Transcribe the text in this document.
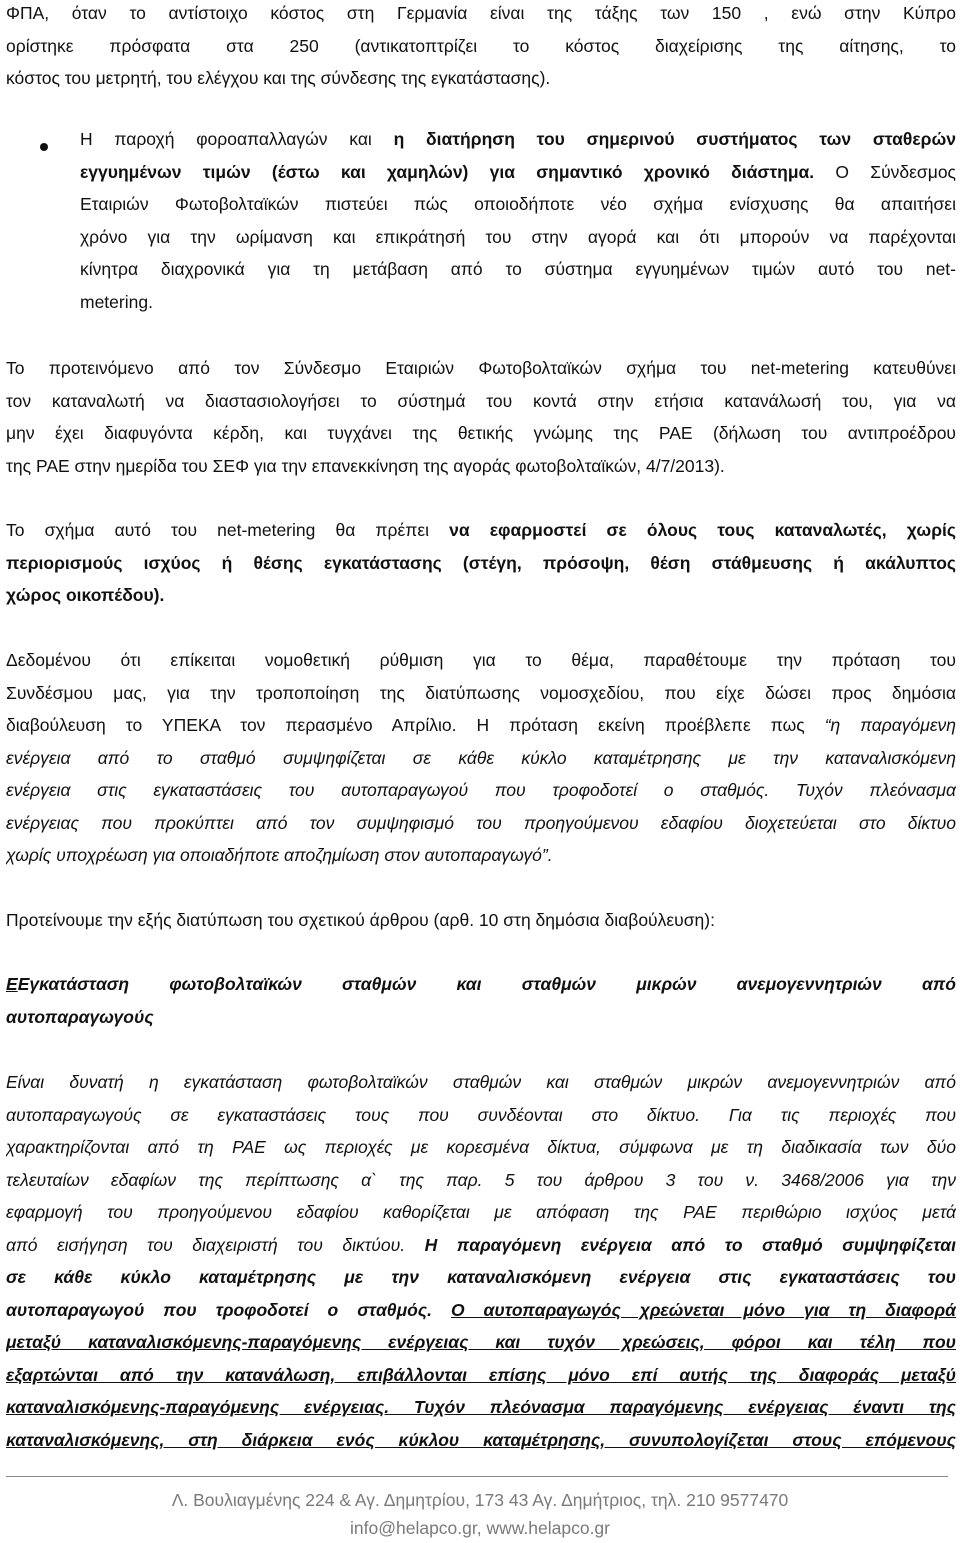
ΦΠΑ, όταν το αντίστοιχο κόστος στη Γερμανία είναι της τάξης των 150 , ενώ στην Κύπρο
ορίστηκε πρόσφατα στα 250 (αντικατοπτρίζει το κόστος διαχείρισης της αίτησης, το
κόστος του μετρητή, του ελέγχου και της σύνδεσης της εγκατάστασης).
Η παροχή φοροαπαλλαγών και η διατήρηση του σημερινού συστήματος των σταθερών
εγγυημένων τιμών (έστω και χαμηλών) για σημαντικό χρονικό διάστημα. Ο Σύνδεσμος
Εταιριών Φωτοβολταϊκών πιστεύει πώς οποιοδήποτε νέο σχήμα ενίσχυσης θα απαιτήσει
χρόνο για την ωρίμανση και επικράτησή του στην αγορά και ότι μπορούν να παρέχονται
κίνητρα διαχρονικά για τη μετάβαση από το σύστημα εγγυημένων τιμών αυτό του net-
metering.
Το προτεινόμενο από τον Σύνδεσμο Εταιριών Φωτοβολταϊκών σχήμα του net-metering κατευθύνει
τον καταναλωτή να διαστασιολογήσει το σύστημά του κοντά στην ετήσια κατανάλωσή του, για να
μην έχει διαφυγόντα κέρδη, και τυγχάνει της θετικής γνώμης της ΡΑΕ (δήλωση του αντιπροέδρου
της ΡΑΕ στην ημερίδα του ΣΕΦ για την επανεκκίνηση της αγοράς φωτοβολταϊκών, 4/7/2013).
Το σχήμα αυτό του net-metering θα πρέπει να εφαρμοστεί σε όλους τους καταναλωτές, χωρίς
περιορισμούς ισχύος ή θέσης εγκατάστασης (στέγη, πρόσοψη, θέση στάθμευσης ή ακάλυπτος
χώρος οικοπέδου).
Δεδομένου ότι επίκειται νομοθετική ρύθμιση για το θέμα, παραθέτουμε την πρόταση του
Συνδέσμου μας, για την τροποποίηση της διατύπωσης νομοσχεδίου, που είχε δώσει προς δημόσια
διαβούλευση το ΥΠΕΚΑ τον περασμένο Απρίλιο. Η πρόταση εκείνη προέβλεπε πως “η παραγόμενη
ενέργεια από το σταθμό συμψηφίζεται σε κάθε κύκλο καταμέτρησης με την καταναλισκόμενη
ενέργεια στις εγκαταστάσεις του αυτοπαραγωγού που τροφοδοτεί ο σταθμός. Τυχόν πλεόνασμα
ενέργειας που προκύπτει από τον συμψηφισμό του προηγούμενου εδαφίου διοχετεύεται στο δίκτυο
χωρίς υποχρέωση για οποιαδήποτε αποζημίωση στον αυτοπαραγωγό”.
Προτείνουμε την εξής διατύπωση του σχετικού άρθρου (αρθ. 10 στη δημόσια διαβούλευση):
ΕΕγκατάσταση φωτοβολταϊκών σταθμών και σταθμών μικρών ανεμογεννητριών από
αυτοπαραγωγούς
Είναι δυνατή η εγκατάσταση φωτοβολταϊκών σταθμών και σταθμών μικρών ανεμογεννητριών από
αυτοπαραγωγούς σε εγκαταστάσεις τους που συνδέονται στο δίκτυο. Για τις περιοχές που
χαρακτηρίζονται από τη ΡΑΕ ως περιοχές με κορεσμένα δίκτυα, σύμφωνα με τη διαδικασία των δύο
τελευταίων εδαφίων της περίπτωσης α` της παρ. 5 του άρθρου 3 του ν. 3468/2006 για την
εφαρμογή του προηγούμενου εδαφίου καθορίζεται με απόφαση της ΡΑΕ περιθώριο ισχύος μετά
από εισήγηση του διαχειριστή του δικτύου. Η παραγόμενη ενέργεια από το σταθμό συμψηφίζεται
σε κάθε κύκλο καταμέτρησης με την καταναλισκόμενη ενέργεια στις εγκαταστάσεις του
αυτοπαραγωγού που τροφοδοτεί ο σταθμός. Ο αυτοπαραγωγός χρεώνεται μόνο για τη διαφορά
μεταξύ καταναλισκόμενης-παραγόμενης ενέργειας και τυχόν χρεώσεις, φόροι και τέλη που
εξαρτώνται από την κατανάλωση, επιβάλλονται επίσης μόνο επί αυτής της διαφοράς μεταξύ
καταναλισκόμενης-παραγόμενης ενέργειας. Τυχόν πλεόνασμα παραγόμενης ενέργειας έναντι της
καταναλισκόμενης, στη διάρκεια ενός κύκλου καταμέτρησης, συνυπολογίζεται στους επόμενους
Λ. Βουλιαγμένης 224 & Αγ. Δημητρίου, 173 43 Αγ. Δημήτριος, τηλ. 210 9577470
info@helapco.gr, www.helapco.gr
